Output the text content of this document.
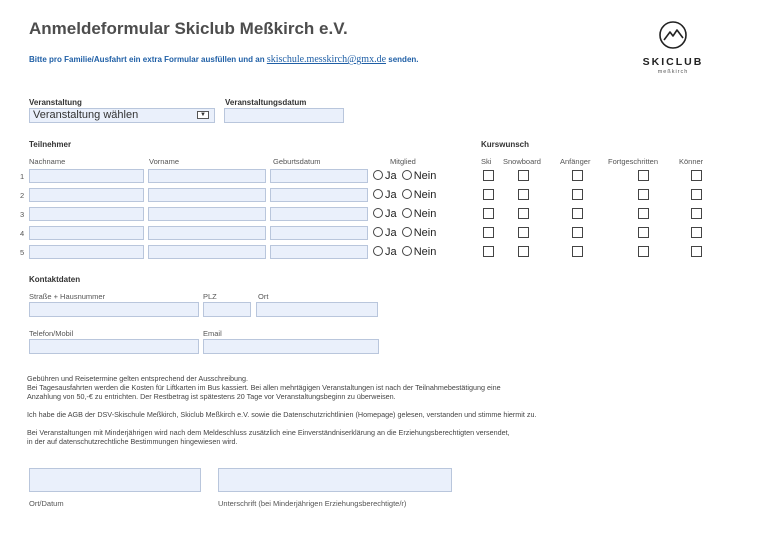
Anmeldeformular Skiclub Meßkirch e.V.
Bitte pro Familie/Ausfahrt ein extra Formular ausfüllen und an skischule.messkirch@gmx.de senden.	SKICLUB
meßkirch
Veranstaltung
Veranstaltung wählen	▼
Veranstaltungsdatum
Teilnehmer
Nachname	Vorname	Geburtsdatum	Mitglied
Kurswunsch
Ski Snowboard	Anfänger Fortgeschritten	Könner
1	Ja Nein
2	Ja Nein
3	Ja Nein
4	Ja Nein
5	Ja Nein
Kontaktdaten
Straße + Hausnummer	PLZ	Ort
Telefon/Mobil	Email
Gebühren und Reisetermine gelten entsprechend der Ausschreibung.
Bei Tagesausfahrten werden die Kosten für Liftkarten im Bus kassiert. Bei allen mehrtägigen Veranstaltungen ist nach der Teilnahmebestätigung eine
Anzahlung von 50,-€ zu entrichten. Der Restbetrag ist spätestens 20 Tage vor Veranstaltungsbeginn zu überweisen.
Ich habe die AGB der DSV-Skischule Meßkirch, Skiclub Meßkirch e.V. sowie die Datenschutzrichtlinien (Homepage) gelesen, verstanden und stimme hiermit zu.
Bei Veranstaltungen mit Minderjährigen wird nach dem Meldeschluss zusätzlich eine Einverständniserklärung an die Erziehungsberechtigten versendet,
in der auf datenschutzrechtliche Bestimmungen hingewiesen wird.
Ort/Datum	Unterschrift (bei Minderjährigen Erziehungsberechtigte/r)
